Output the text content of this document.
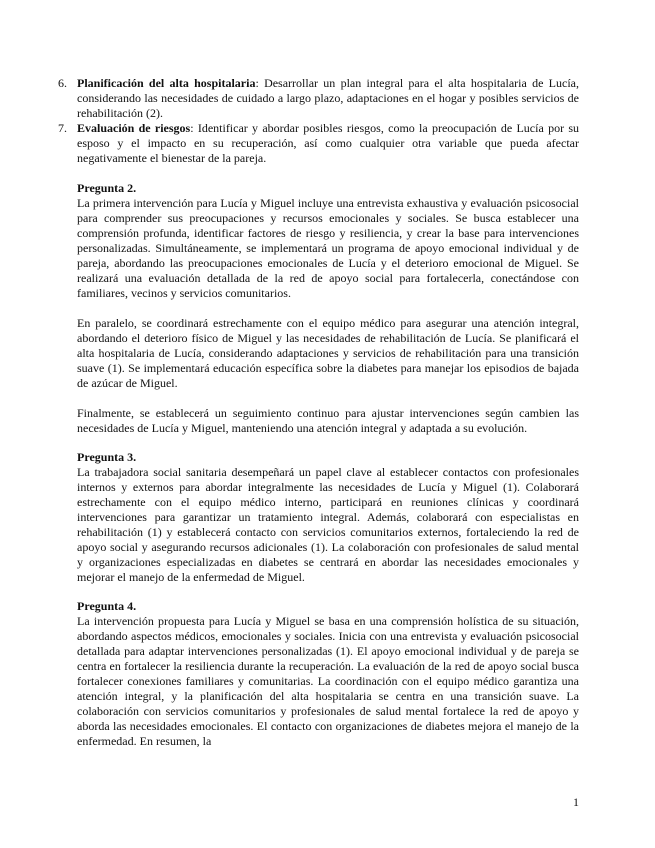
6. Planificación del alta hospitalaria: Desarrollar un plan integral para el alta hospitalaria de Lucía, considerando las necesidades de cuidado a largo plazo, adaptaciones en el hogar y posibles servicios de rehabilitación (2).
7. Evaluación de riesgos: Identificar y abordar posibles riesgos, como la preocupación de Lucía por su esposo y el impacto en su recuperación, así como cualquier otra variable que pueda afectar negativamente el bienestar de la pareja.

Pregunta 2.

La primera intervención para Lucía y Miguel incluye una entrevista exhaustiva y evaluación psicosocial para comprender sus preocupaciones y recursos emocionales y sociales. Se busca establecer una comprensión profunda, identificar factores de riesgo y resiliencia, y crear la base para intervenciones personalizadas. Simultáneamente, se implementará un programa de apoyo emocional individual y de pareja, abordando las preocupaciones emocionales de Lucía y el deterioro emocional de Miguel. Se realizará una evaluación detallada de la red de apoyo social para fortalecerla, conectándose con familiares, vecinos y servicios comunitarios.

En paralelo, se coordinará estrechamente con el equipo médico para asegurar una atención integral, abordando el deterioro físico de Miguel y las necesidades de rehabilitación de Lucía. Se planificará el alta hospitalaria de Lucía, considerando adaptaciones y servicios de rehabilitación para una transición suave (1). Se implementará educación específica sobre la diabetes para manejar los episodios de bajada de azúcar de Miguel.

Finalmente, se establecerá un seguimiento continuo para ajustar intervenciones según cambien las necesidades de Lucía y Miguel, manteniendo una atención integral y adaptada a su evolución.

Pregunta 3.

La trabajadora social sanitaria desempeñará un papel clave al establecer contactos con profesionales internos y externos para abordar integralmente las necesidades de Lucía y Miguel (1). Colaborará estrechamente con el equipo médico interno, participará en reuniones clínicas y coordinará intervenciones para garantizar un tratamiento integral. Además, colaborará con especialistas en rehabilitación (1) y establecerá contacto con servicios comunitarios externos, fortaleciendo la red de apoyo social y asegurando recursos adicionales (1). La colaboración con profesionales de salud mental y organizaciones especializadas en diabetes se centrará en abordar las necesidades emocionales y mejorar el manejo de la enfermedad de Miguel.

Pregunta 4.

La intervención propuesta para Lucía y Miguel se basa en una comprensión holística de su situación, abordando aspectos médicos, emocionales y sociales. Inicia con una entrevista y evaluación psicosocial detallada para adaptar intervenciones personalizadas (1). El apoyo emocional individual y de pareja se centra en fortalecer la resiliencia durante la recuperación. La evaluación de la red de apoyo social busca fortalecer conexiones familiares y comunitarias. La coordinación con el equipo médico garantiza una atención integral, y la planificación del alta hospitalaria se centra en una transición suave. La colaboración con servicios comunitarios y profesionales de salud mental fortalece la red de apoyo y aborda las necesidades emocionales. El contacto con organizaciones de diabetes mejora el manejo de la enfermedad. En resumen, la

1
